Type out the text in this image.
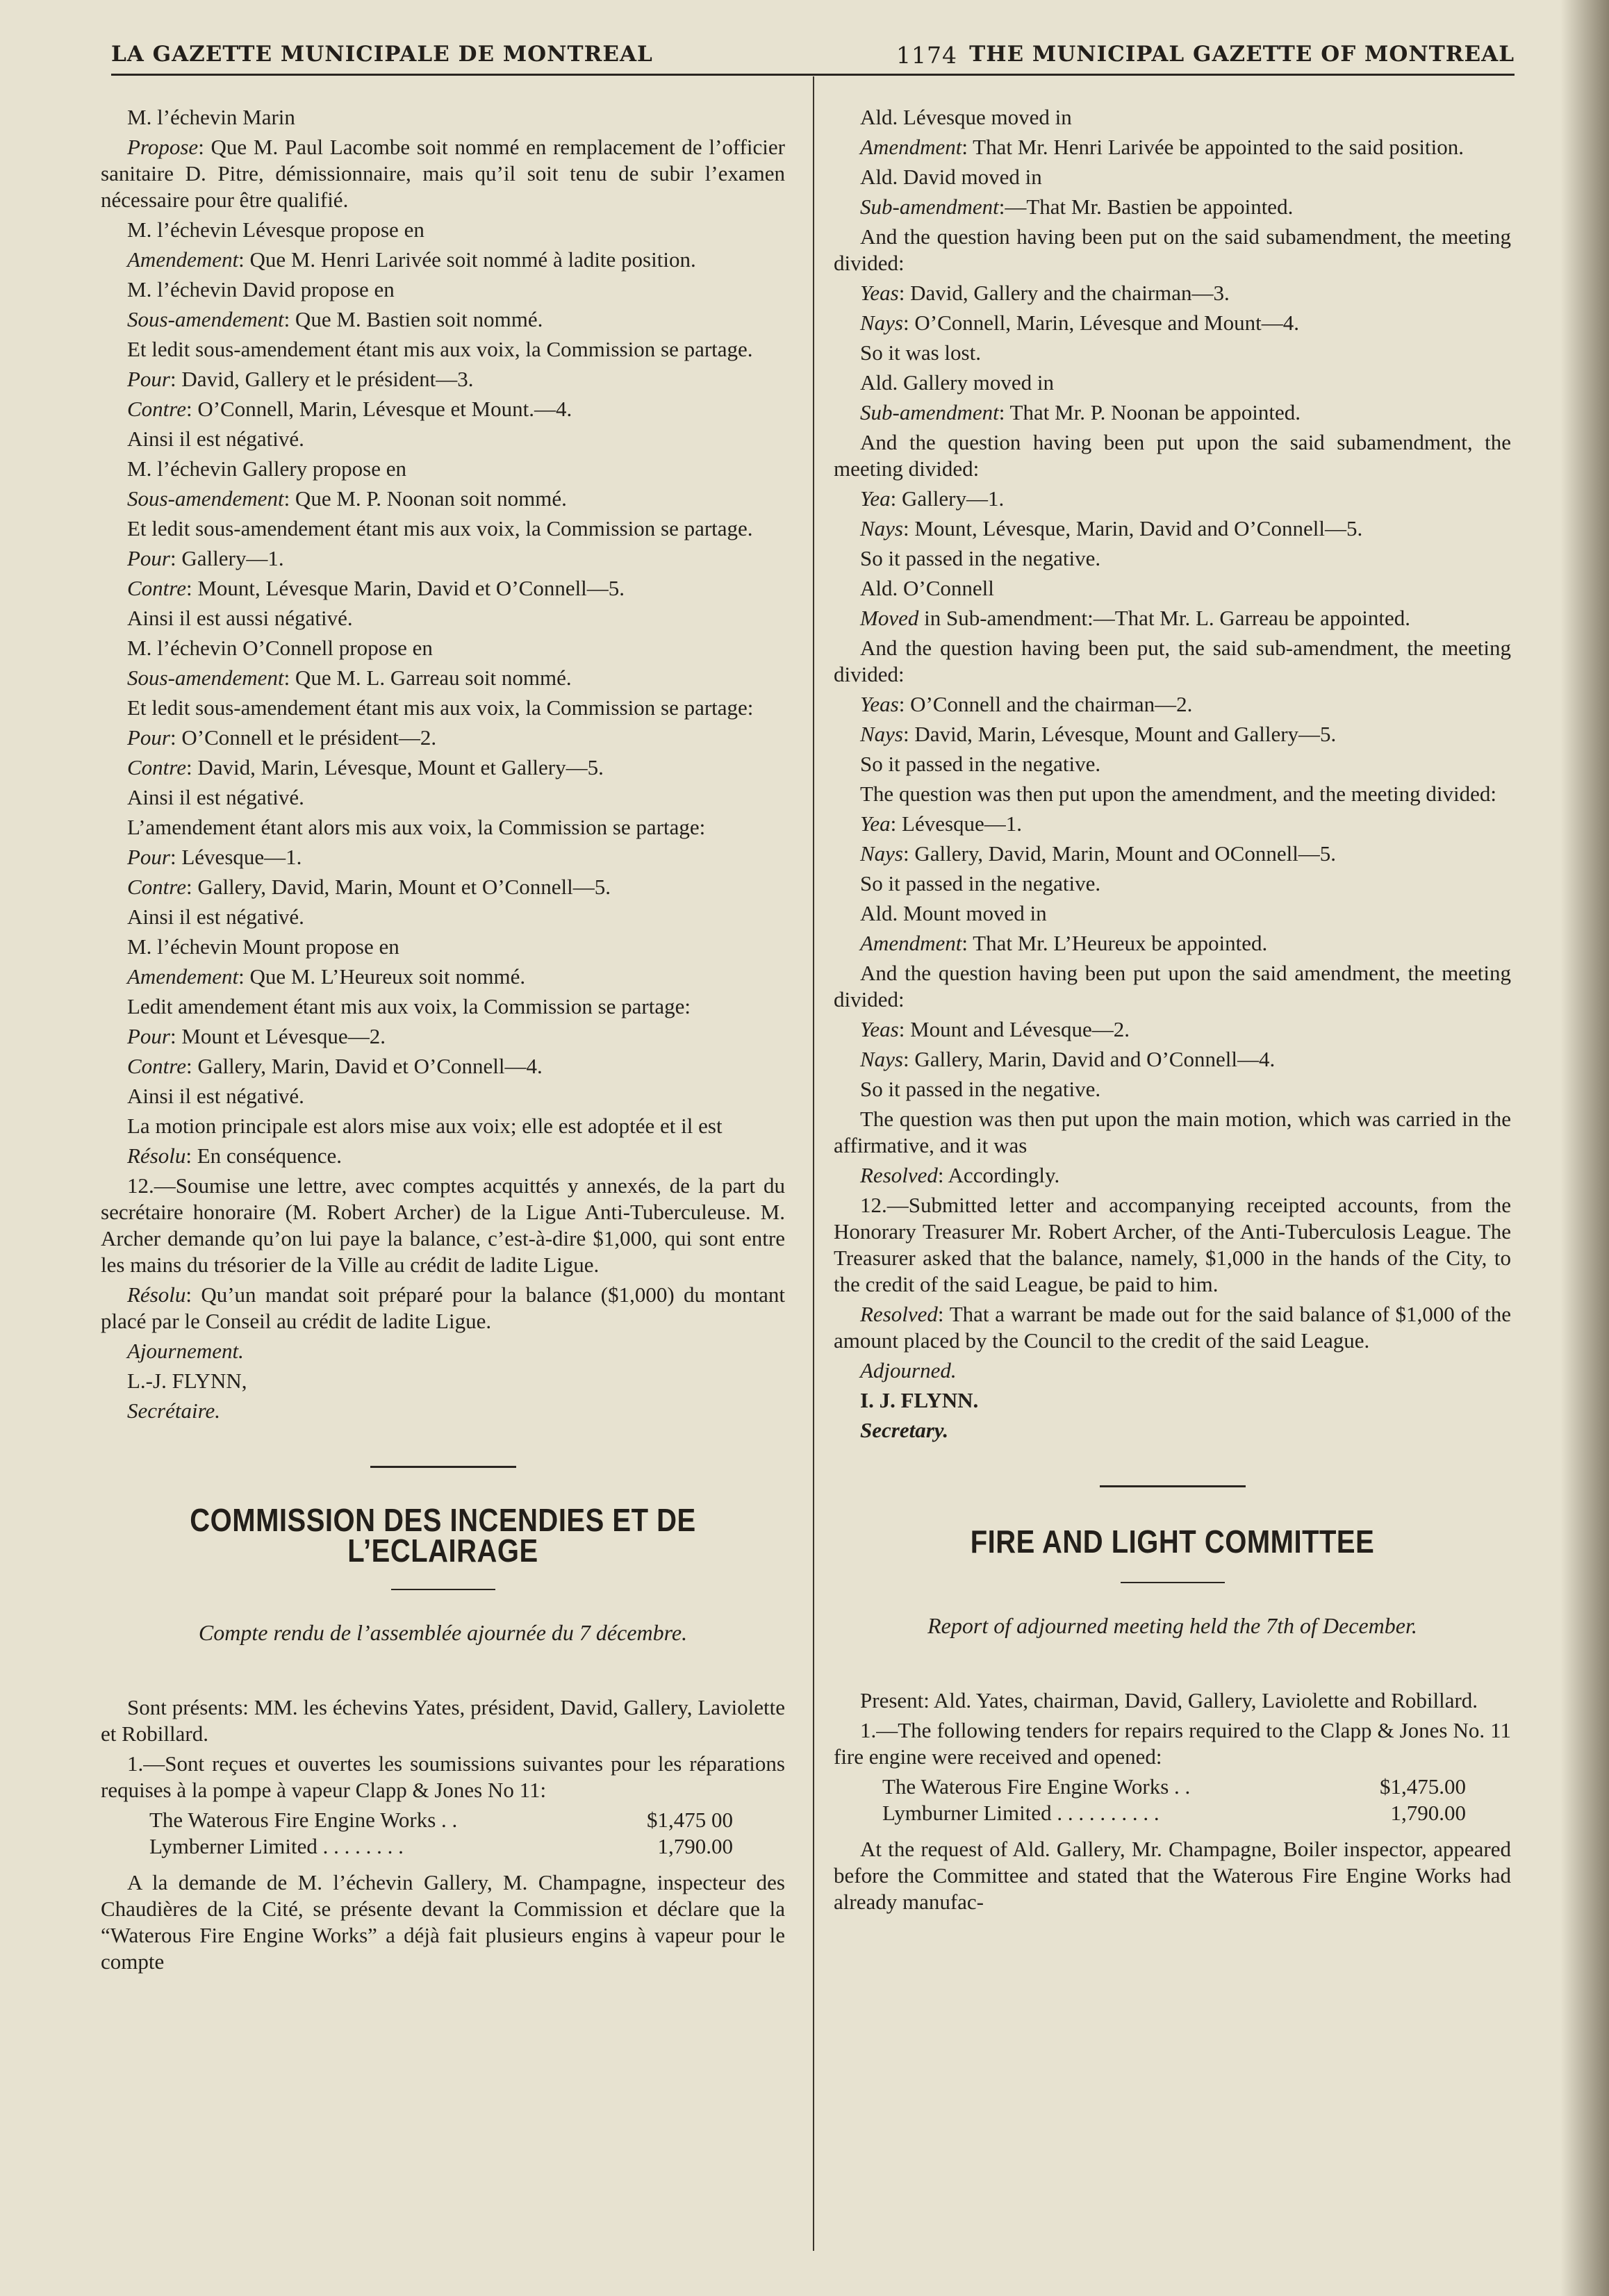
LA GAZETTE MUNICIPALE DE MONTREAL	1174 THE MUNICIPAL GAZETTE OF MONTREAL

M. l’échevin Marin

Propose: Que M. Paul Lacombe soit nommé en remplacement de l’officier sanitaire D. Pitre, démissionnaire, mais qu’il soit tenu de subir l’examen nécessaire pour être qualifié.

M. l’échevin Lévesque propose en

Amendement: Que M. Henri Larivée soit nommé à ladite position.

M. l’échevin David propose en

Sous-amendement: Que M. Bastien soit nommé.

Et ledit sous-amendement étant mis aux voix, la Commission se partage.

Pour: David, Gallery et le président—3.

Contre: O’Connell, Marin, Lévesque et Mount.—4.

Ainsi il est négativé.

M. l’échevin Gallery propose en

Sous-amendement: Que M. P. Noonan soit nommé.

Et ledit sous-amendement étant mis aux voix, la Commission se partage.

Pour: Gallery—1.

Contre: Mount, Lévesque Marin, David et O’Connell—5.

Ainsi il est aussi négativé.

M. l’échevin O’Connell propose en

Sous-amendement: Que M. L. Garreau soit nommé.

Et ledit sous-amendement étant mis aux voix, la Commission se partage:

Pour: O’Connell et le président—2.

Contre: David, Marin, Lévesque, Mount et Gallery—5.

Ainsi il est négativé.

L’amendement étant alors mis aux voix, la Commission se partage:

Pour: Lévesque—1.

Contre: Gallery, David, Marin, Mount et O’Connell—5.

Ainsi il est négativé.

M. l’échevin Mount propose en

Amendement: Que M. L’Heureux soit nommé.

Ledit amendement étant mis aux voix, la Commission se partage:

Pour: Mount et Lévesque—2.

Contre: Gallery, Marin, David et O’Connell—4.

Ainsi il est négativé.

La motion principale est alors mise aux voix; elle est adoptée et il est

Résolu: En conséquence.

12.—Soumise une lettre, avec comptes acquittés y annexés, de la part du secrétaire honoraire (M. Robert Archer) de la Ligue Anti-Tuberculeuse. M. Archer demande qu’on lui paye la balance, c’est-à-dire $1,000, qui sont entre les mains du trésorier de la Ville au crédit de ladite Ligue.

Résolu: Qu’un mandat soit préparé pour la balance ($1,000) du montant placé par le Conseil au crédit de ladite Ligue.

Ajournement.

L.-J. FLYNN,

Secrétaire.

COMMISSION DES INCENDIES ET DE L’ECLAIRAGE
Compte rendu de l’assemblée ajournée du 7 décembre.

Sont présents: MM. les échevins Yates, président, David, Gallery, Laviolette et Robillard.

1.—Sont reçues et ouvertes les soumissions suivantes pour les réparations requises à la pompe à vapeur Clapp & Jones No 11:

The Waterous Fire Engine Works . .	$1,475 00
Lymberner Limited . . . . . . . .	1,790.00

A la demande de M. l’échevin Gallery, M. Champagne, inspecteur des Chaudières de la Cité, se présente devant la Commission et déclare que la “Waterous Fire Engine Works” a déjà fait plusieurs engins à vapeur pour le compte

Ald. Lévesque moved in

Amendment: That Mr. Henri Larivée be appointed to the said position.

Ald. David moved in

Sub-amendment:—That Mr. Bastien be appointed.

And the question having been put on the said subamendment, the meeting divided:

Yeas: David, Gallery and the chairman—3.

Nays: O’Connell, Marin, Lévesque and Mount—4.

So it was lost.

Ald. Gallery moved in

Sub-amendment: That Mr. P. Noonan be appointed.

And the question having been put upon the said subamendment, the meeting divided:

Yea: Gallery—1.

Nays: Mount, Lévesque, Marin, David and O’Connell—5.

So it passed in the negative.

Ald. O’Connell

Moved in Sub-amendment:—That Mr. L. Garreau be appointed.

And the question having been put, the said sub-amendment, the meeting divided:

Yeas: O’Connell and the chairman—2.

Nays: David, Marin, Lévesque, Mount and Gallery—5.

So it passed in the negative.

The question was then put upon the amendment, and the meeting divided:

Yea: Lévesque—1.

Nays: Gallery, David, Marin, Mount and OConnell—5.

So it passed in the negative.

Ald. Mount moved in

Amendment: That Mr. L’Heureux be appointed.

And the question having been put upon the said amendment, the meeting divided:

Yeas: Mount and Lévesque—2.

Nays: Gallery, Marin, David and O’Connell—4.

So it passed in the negative.

The question was then put upon the main motion, which was carried in the affirmative, and it was

Resolved: Accordingly.

12.—Submitted letter and accompanying receipted accounts, from the Honorary Treasurer Mr. Robert Archer, of the Anti-Tuberculosis League. The Treasurer asked that the balance, namely, $1,000 in the hands of the City, to the credit of the said League, be paid to him.

Resolved: That a warrant be made out for the said balance of $1,000 of the amount placed by the Council to the credit of the said League.

Adjourned.

I. J. FLYNN.

Secretary.

FIRE AND LIGHT COMMITTEE
Report of adjourned meeting held the 7th of December.

Present: Ald. Yates, chairman, David, Gallery, Laviolette and Robillard.

1.—The following tenders for repairs required to the Clapp & Jones No. 11 fire engine were received and opened:

The Waterous Fire Engine Works . .	$1,475.00
Lymburner Limited . . . . . . . . . .	1,790.00

At the request of Ald. Gallery, Mr. Champagne, Boiler inspector, appeared before the Committee and stated that the Waterous Fire Engine Works had already manufac-
